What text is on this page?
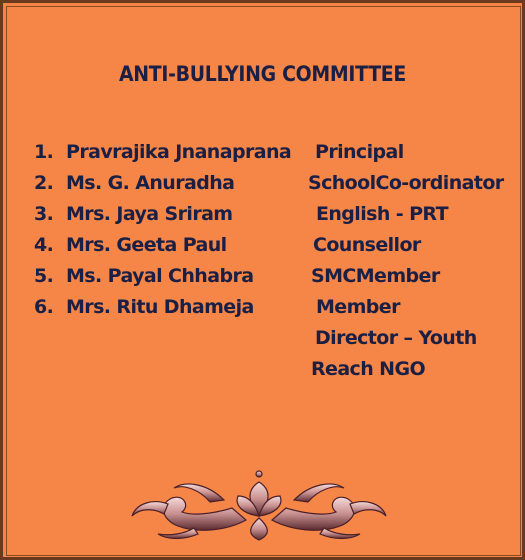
ANTI-BULLYING COMMITTEE
1. Pravrajika Jnanaprana Principal
2. Ms. G. Anuradha	SchoolCo-ordinator
3. Mrs. Jaya Sriram	English - PRT
4. Mrs. Geeta Paul	Counsellor
5. Ms. Payal Chhabra	SMCMember
6. Mrs. Ritu Dhameja	Member
Director – Youth
Reach NGO
